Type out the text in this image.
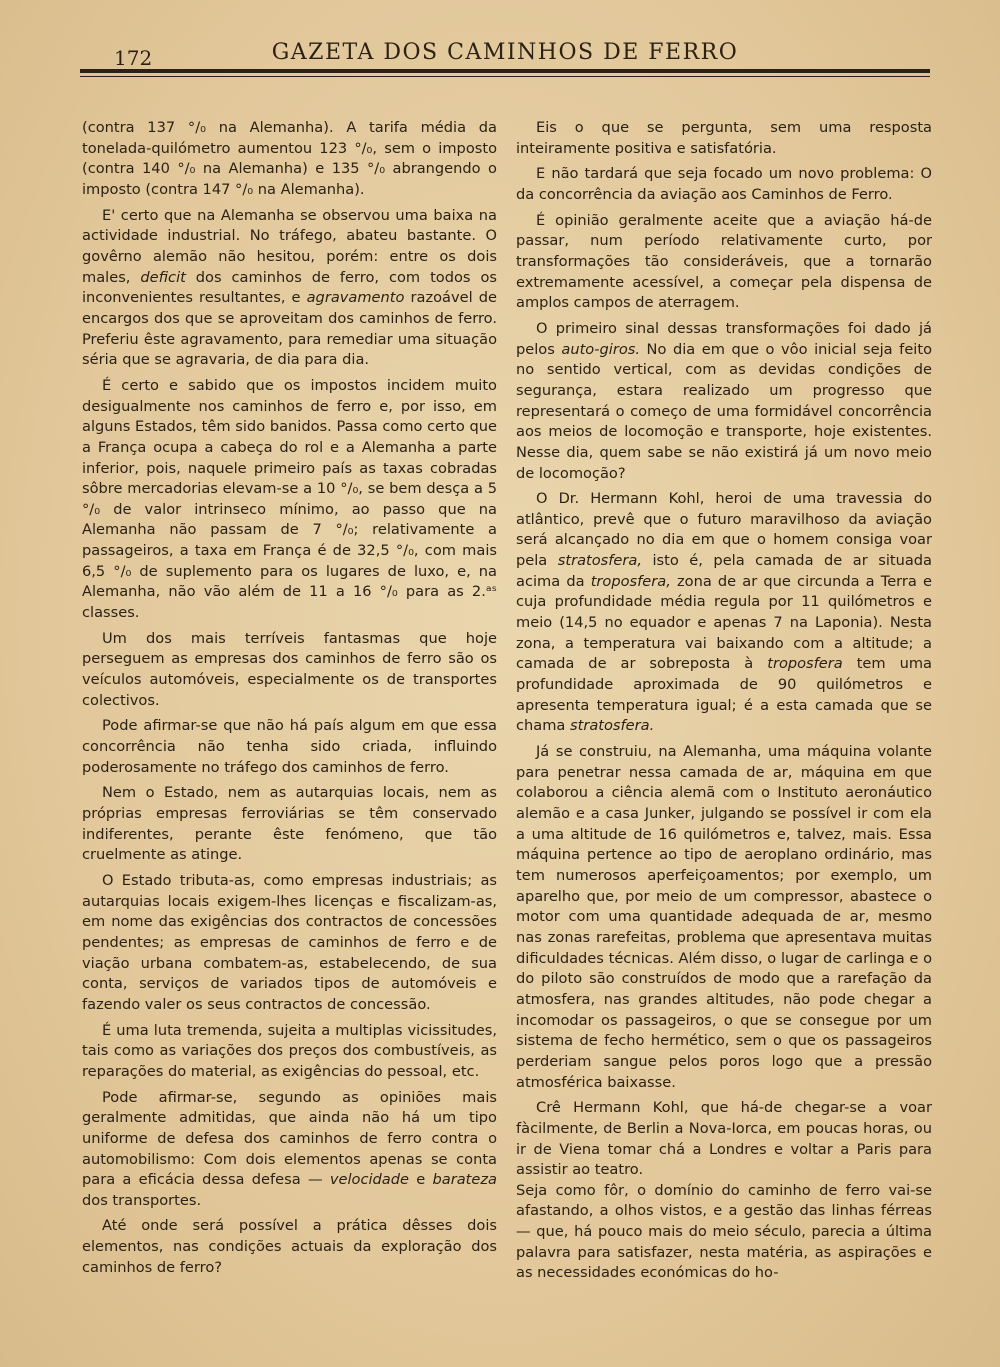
172	GAZETA DOS CAMINHOS DE FERRO

(contra 137 °/₀ na Alemanha). A tarifa média da tonelada-quilómetro aumentou 123 °/₀, sem o imposto (contra 140 °/₀ na Alemanha) e 135 °/₀ abrangendo o imposto (contra 147 °/₀ na Alemanha).

E' certo que na Alemanha se observou uma baixa na actividade industrial. No tráfego, abateu bastante. O govêrno alemão não hesitou, porém: entre os dois males, deficit dos caminhos de ferro, com todos os inconvenientes resultantes, e agravamento razoável de encargos dos que se aproveitam dos caminhos de ferro. Preferiu êste agravamento, para remediar uma situação séria que se agravaria, de dia para dia.

É certo e sabido que os impostos incidem muito desigualmente nos caminhos de ferro e, por isso, em alguns Estados, têm sido banidos. Passa como certo que a França ocupa a cabeça do rol e a Alemanha a parte inferior, pois, naquele primeiro país as taxas cobradas sôbre mercadorias elevam-se a 10 °/₀, se bem desça a 5 °/₀ de valor intrinseco mínimo, ao passo que na Alemanha não passam de 7 °/₀; relativamente a passageiros, a taxa em França é de 32,5 °/₀, com mais 6,5 °/₀ de suplemento para os lugares de luxo, e, na Alemanha, não vão além de 11 a 16 °/₀ para as 2.ᵃˢ classes.

Um dos mais terríveis fantasmas que hoje perseguem as empresas dos caminhos de ferro são os veículos automóveis, especialmente os de transportes colectivos.

Pode afirmar-se que não há país algum em que essa concorrência não tenha sido criada, influindo poderosamente no tráfego dos caminhos de ferro.

Nem o Estado, nem as autarquias locais, nem as próprias empresas ferroviárias se têm conservado indiferentes, perante êste fenómeno, que tão cruelmente as atinge.

O Estado tributa-as, como empresas industriais; as autarquias locais exigem-lhes licenças e fiscalizam-as, em nome das exigências dos contractos de concessões pendentes; as empresas de caminhos de ferro e de viação urbana combatem-as, estabelecendo, de sua conta, serviços de variados tipos de automóveis e fazendo valer os seus contractos de concessão.

É uma luta tremenda, sujeita a multiplas vicissitudes, tais como as variações dos preços dos combustíveis, as reparações do material, as exigências do pessoal, etc.

Pode afirmar-se, segundo as opiniões mais geralmente admitidas, que ainda não há um tipo uniforme de defesa dos caminhos de ferro contra o automobilismo: Com dois elementos apenas se conta para a eficácia dessa defesa — velocidade e barateza dos transportes.

Até onde será possível a prática dêsses dois elementos, nas condições actuais da exploração dos caminhos de ferro?

Eis o que se pergunta, sem uma resposta inteiramente positiva e satisfatória.

E não tardará que seja focado um novo problema: O da concorrência da aviação aos Caminhos de Ferro.

É opinião geralmente aceite que a aviação há-de passar, num período relativamente curto, por transformações tão consideráveis, que a tornarão extremamente acessível, a começar pela dispensa de amplos campos de aterragem.

O primeiro sinal dessas transformações foi dado já pelos auto-giros. No dia em que o vôo inicial seja feito no sentido vertical, com as devidas condições de segurança, estara realizado um progresso que representará o começo de uma formidável concorrência aos meios de locomoção e transporte, hoje existentes. Nesse dia, quem sabe se não existirá já um novo meio de locomoção?

O Dr. Hermann Kohl, heroi de uma travessia do atlântico, prevê que o futuro maravilhoso da aviação será alcançado no dia em que o homem consiga voar pela stratosfera, isto é, pela camada de ar situada acima da troposfera, zona de ar que circunda a Terra e cuja profundidade média regula por 11 quilómetros e meio (14,5 no equador e apenas 7 na Laponia). Nesta zona, a temperatura vai baixando com a altitude; a camada de ar sobreposta à troposfera tem uma profundidade aproximada de 90 quilómetros e apresenta temperatura igual; é a esta camada que se chama stratosfera.

Já se construiu, na Alemanha, uma máquina volante para penetrar nessa camada de ar, máquina em que colaborou a ciência alemã com o Instituto aeronáutico alemão e a casa Junker, julgando se possível ir com ela a uma altitude de 16 quilómetros e, talvez, mais. Essa máquina pertence ao tipo de aeroplano ordinário, mas tem numerosos aperfeiçoamentos; por exemplo, um aparelho que, por meio de um compressor, abastece o motor com uma quantidade adequada de ar, mesmo nas zonas rarefeitas, problema que apresentava muitas dificuldades técnicas. Além disso, o lugar de carlinga e o do piloto são construídos de modo que a rarefação da atmosfera, nas grandes altitudes, não pode chegar a incomodar os passageiros, o que se consegue por um sistema de fecho hermético, sem o que os passageiros perderiam sangue pelos poros logo que a pressão atmosférica baixasse.

Crê Hermann Kohl, que há-de chegar-se a voar fàcilmente, de Berlin a Nova-Iorca, em poucas horas, ou ir de Viena tomar chá a Londres e voltar a Paris para assistir ao teatro.

Seja como fôr, o domínio do caminho de ferro vai-se afastando, a olhos vistos, e a gestão das linhas férreas — que, há pouco mais do meio século, parecia a última palavra para satisfazer, nesta matéria, as aspirações e as necessidades económicas do ho-
